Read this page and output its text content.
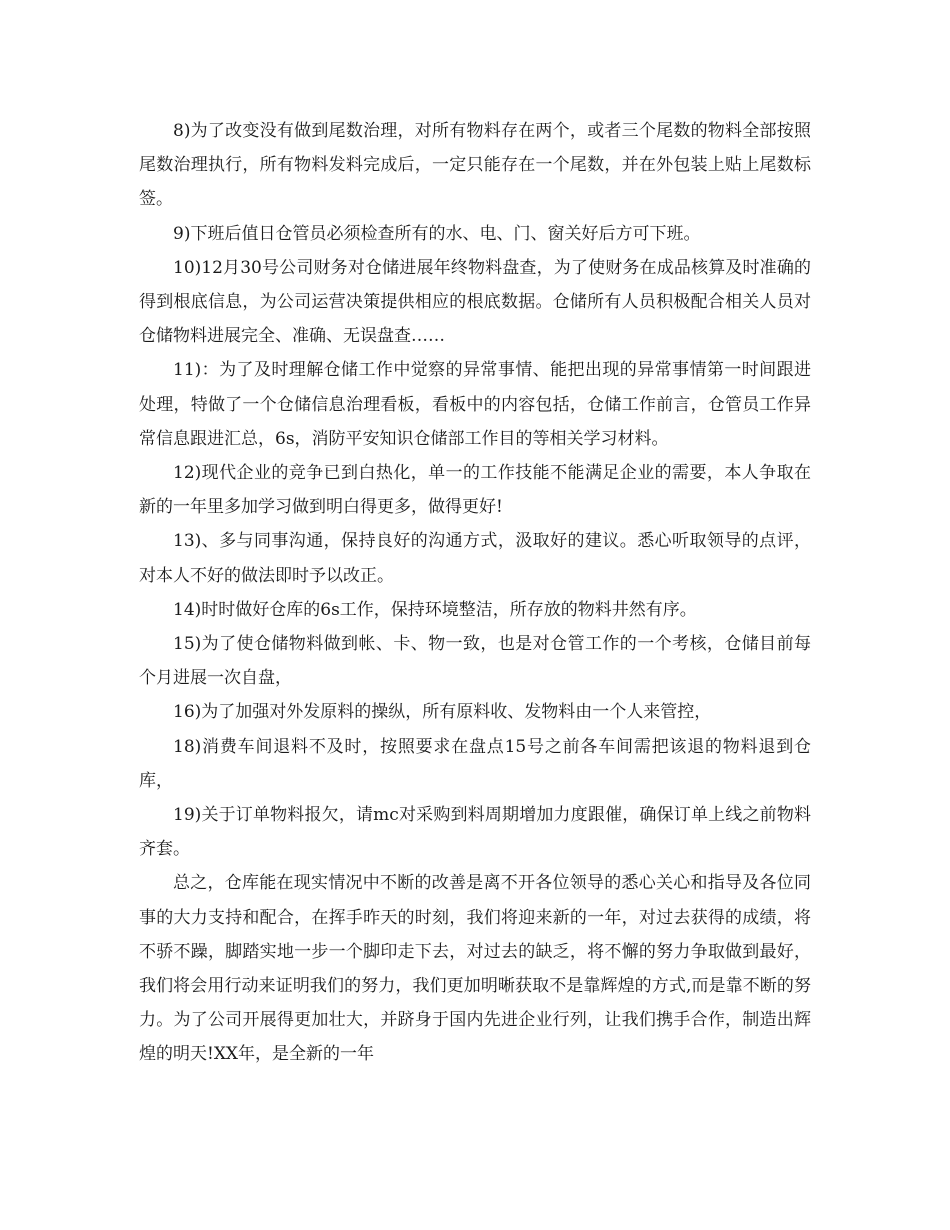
8)为了改变没有做到尾数治理，对所有物料存在两个，或者三个尾数的物料全部按照尾数治理执行，所有物料发料完成后，一定只能存在一个尾数，并在外包装上贴上尾数标签。

9)下班后值日仓管员必须检查所有的水、电、门、窗关好后方可下班。

10)12月30号公司财务对仓储进展年终物料盘查，为了使财务在成品核算及时准确的得到根底信息，为公司运营决策提供相应的根底数据。仓储所有人员积极配合相关人员对仓储物料进展完全、准确、无误盘查……

11)：为了及时理解仓储工作中觉察的异常事情、能把出现的异常事情第一时间跟进处理，特做了一个仓储信息治理看板，看板中的内容包括，仓储工作前言，仓管员工作异常信息跟进汇总，6s，消防平安知识仓储部工作目的等相关学习材料。

12)现代企业的竞争已到白热化，单一的工作技能不能满足企业的需要，本人争取在新的一年里多加学习做到明白得更多，做得更好!

13)、多与同事沟通，保持良好的沟通方式，汲取好的建议。悉心听取领导的点评，对本人不好的做法即时予以改正。

14)时时做好仓库的6s工作，保持环境整洁，所存放的物料井然有序。

15)为了使仓储物料做到帐、卡、物一致，也是对仓管工作的一个考核，仓储目前每个月进展一次自盘，

16)为了加强对外发原料的操纵，所有原料收、发物料由一个人来管控，

18)消费车间退料不及时，按照要求在盘点15号之前各车间需把该退的物料退到仓库，

19)关于订单物料报欠，请mc对采购到料周期增加力度跟催，确保订单上线之前物料齐套。

总之，仓库能在现实情况中不断的改善是离不开各位领导的悉心关心和指导及各位同事的大力支持和配合，在挥手昨天的时刻，我们将迎来新的一年，对过去获得的成绩，将不骄不躁，脚踏实地一步一个脚印走下去，对过去的缺乏，将不懈的努力争取做到最好，我们将会用行动来证明我们的努力，我们更加明晰获取不是靠辉煌的方式,而是靠不断的努力。为了公司开展得更加壮大，并跻身于国内先进企业行列，让我们携手合作，制造出辉煌的明天!XX年，是全新的一年
